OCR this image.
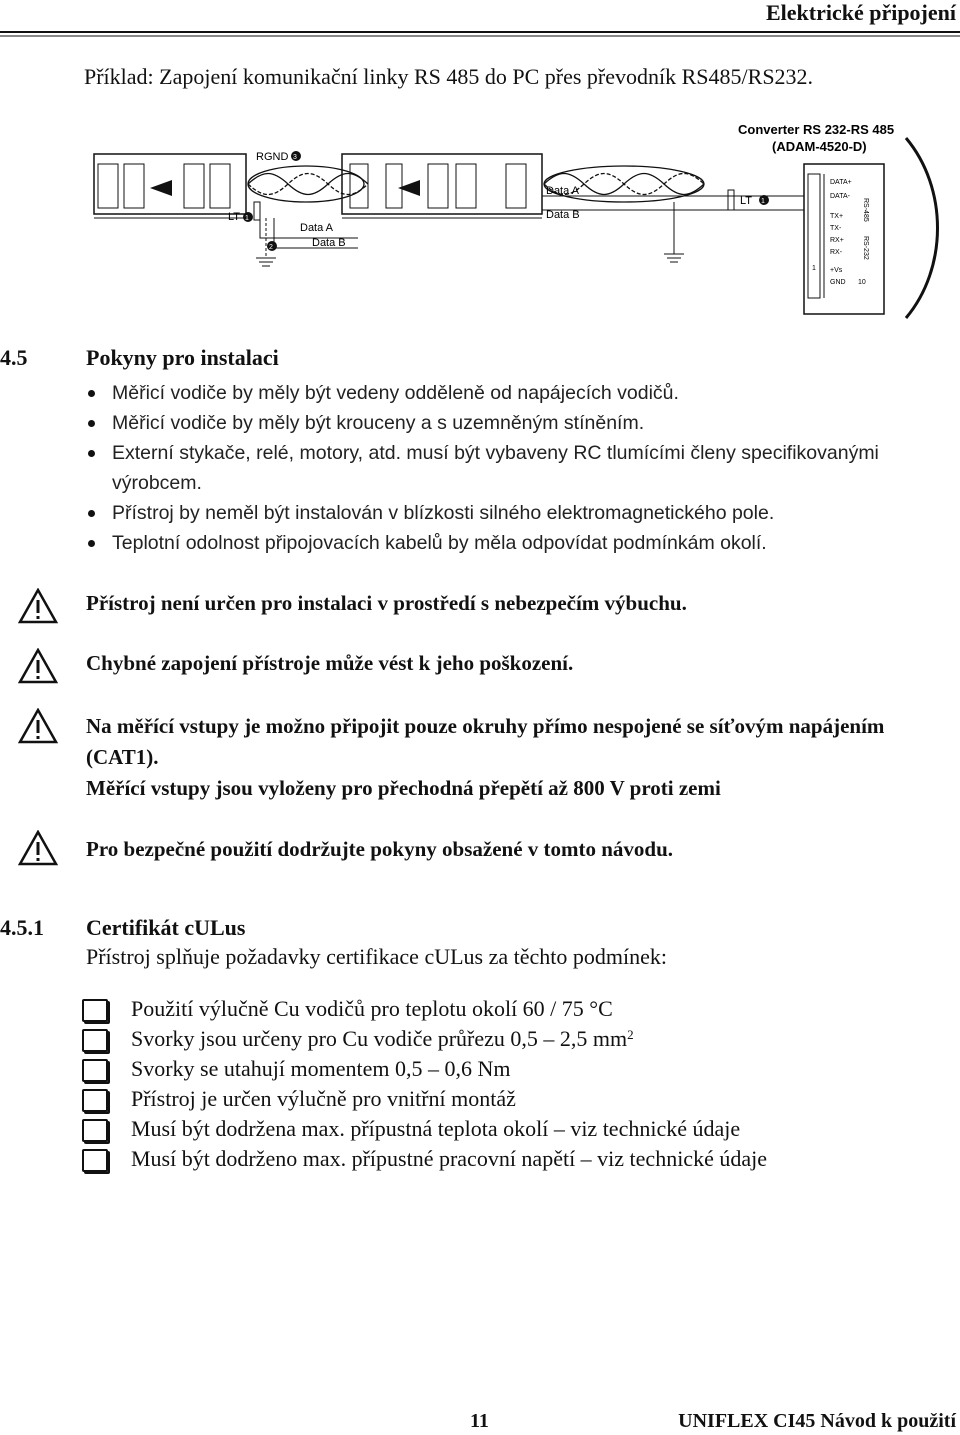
Elektrické připojení
Příklad: Zapojení komunikační linky RS 485 do PC přes převodník RS485/RS232.
Converter RS 232-RS 485
(ADAM-4520-D)
RGND 3
LT 1
Data A
Data B
2
Data A
Data B
LT 1
DATA+
DATA-
TX+
TX-
RX+
RX-
+Vs
GND
RS-485
RS-232
1
10
4.5	Pokyny pro instalaci
Měřicí vodiče by měly být vedeny odděleně od napájecích vodičů.
Měřicí vodiče by měly být krouceny a s uzemněným stíněním.
Externí stykače, relé, motory, atd. musí být vybaveny RC tlumícími členy specifikovanými výrobcem.
Přístroj by neměl být instalován v blízkosti silného elektromagnetického pole.
Teplotní odolnost připojovacích kabelů by měla odpovídat podmínkám okolí.
Přístroj není určen pro instalaci v prostředí s nebezpečím výbuchu.
Chybné zapojení přístroje může vést k jeho poškození.
Na měřící vstupy je možno připojit pouze okruhy přímo nespojené se síťovým napájením (CAT1).
Měřící vstupy jsou vyloženy pro přechodná přepětí až 800 V proti zemi
Pro bezpečné použití dodržujte pokyny obsažené v tomto návodu.
4.5.1 Certifikát cULus
Přístroj splňuje požadavky certifikace cULus za těchto podmínek:
Použití výlučně Cu vodičů pro teplotu okolí 60 / 75 °C
Svorky jsou určeny pro Cu vodiče průřezu 0,5 – 2,5 $mm^2$
Svorky se utahují momentem 0,5 – 0,6 Nm
Přístroj je určen výlučně pro vnitřní montáž
Musí být dodržena max. přípustná teplota okolí – viz technické údaje
Musí být dodrženo max. přípustné pracovní napětí – viz technické údaje
11	UNIFLEX CI45 Návod k použití
